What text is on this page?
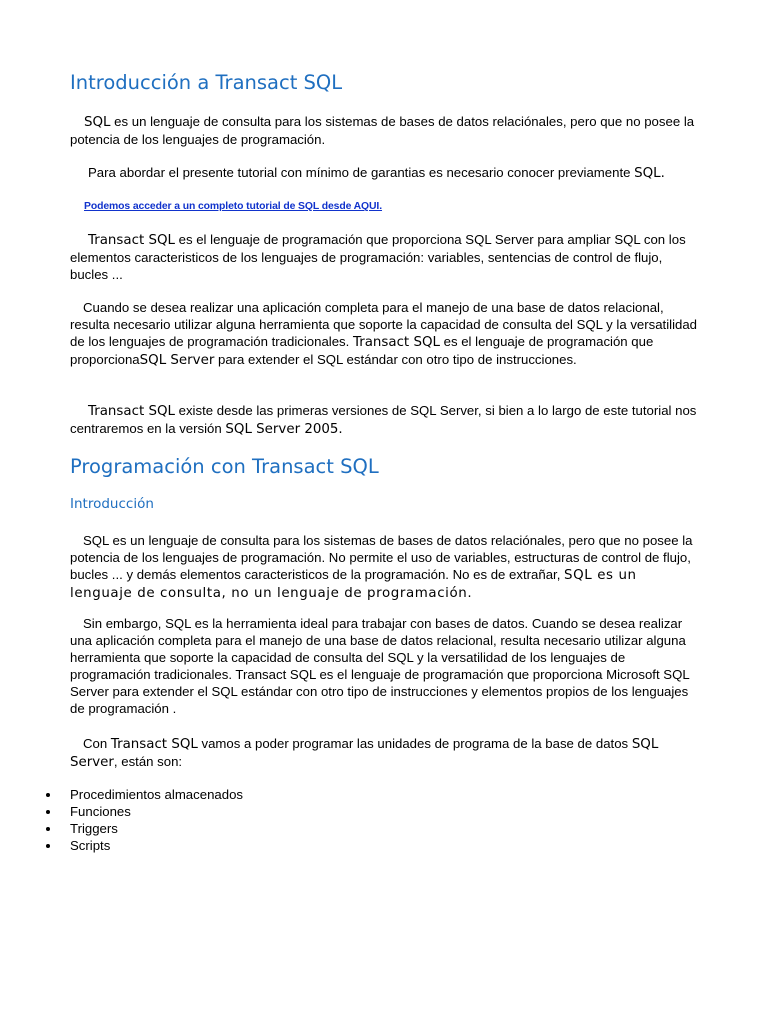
Introducción a Transact SQL

SQL es un lenguaje de consulta para los sistemas de bases de datos relaciónales, pero que no posee la potencia de los lenguajes de programación.

Para abordar el presente tutorial con mínimo de garantias es necesario conocer previamente SQL.

Podemos acceder a un completo tutorial de SQL desde AQUI.

Transact SQL es el lenguaje de programación que proporciona SQL Server para ampliar SQL con los elementos caracteristicos de los lenguajes de programación: variables, sentencias de control de flujo, bucles ...

Cuando se desea realizar una aplicación completa para el manejo de una base de datos relacional, resulta necesario utilizar alguna herramienta que soporte la capacidad de consulta del SQL y la versatilidad de los lenguajes de programación tradicionales. Transact SQL es el lenguaje de programación que proporcionaSQL Server para extender el SQL estándar con otro tipo de instrucciones.

Transact SQL existe desde las primeras versiones de SQL Server, si bien a lo largo de este tutorial nos centraremos en la versión SQL Server 2005.

Programación con Transact SQL
Introducción

SQL es un lenguaje de consulta para los sistemas de bases de datos relaciónales, pero que no posee la potencia de los lenguajes de programación. No permite el uso de variables, estructuras de control de flujo, bucles ... y demás elementos caracteristicos de la programación. No es de extrañar, SQL es un lenguaje de consulta, no un lenguaje de programación.

Sin embargo, SQL es la herramienta ideal para trabajar con bases de datos. Cuando se desea realizar una aplicación completa para el manejo de una base de datos relacional, resulta necesario utilizar alguna herramienta que soporte la capacidad de consulta del SQL y la versatilidad de los lenguajes de programación tradicionales. Transact SQL es el lenguaje de programación que proporciona Microsoft SQL Server para extender el SQL estándar con otro tipo de instrucciones y elementos propios de los lenguajes de programación .

Con Transact SQL vamos a poder programar las unidades de programa de la base de datos SQL Server, están son:

Procedimientos almacenados
Funciones
Triggers
Scripts
